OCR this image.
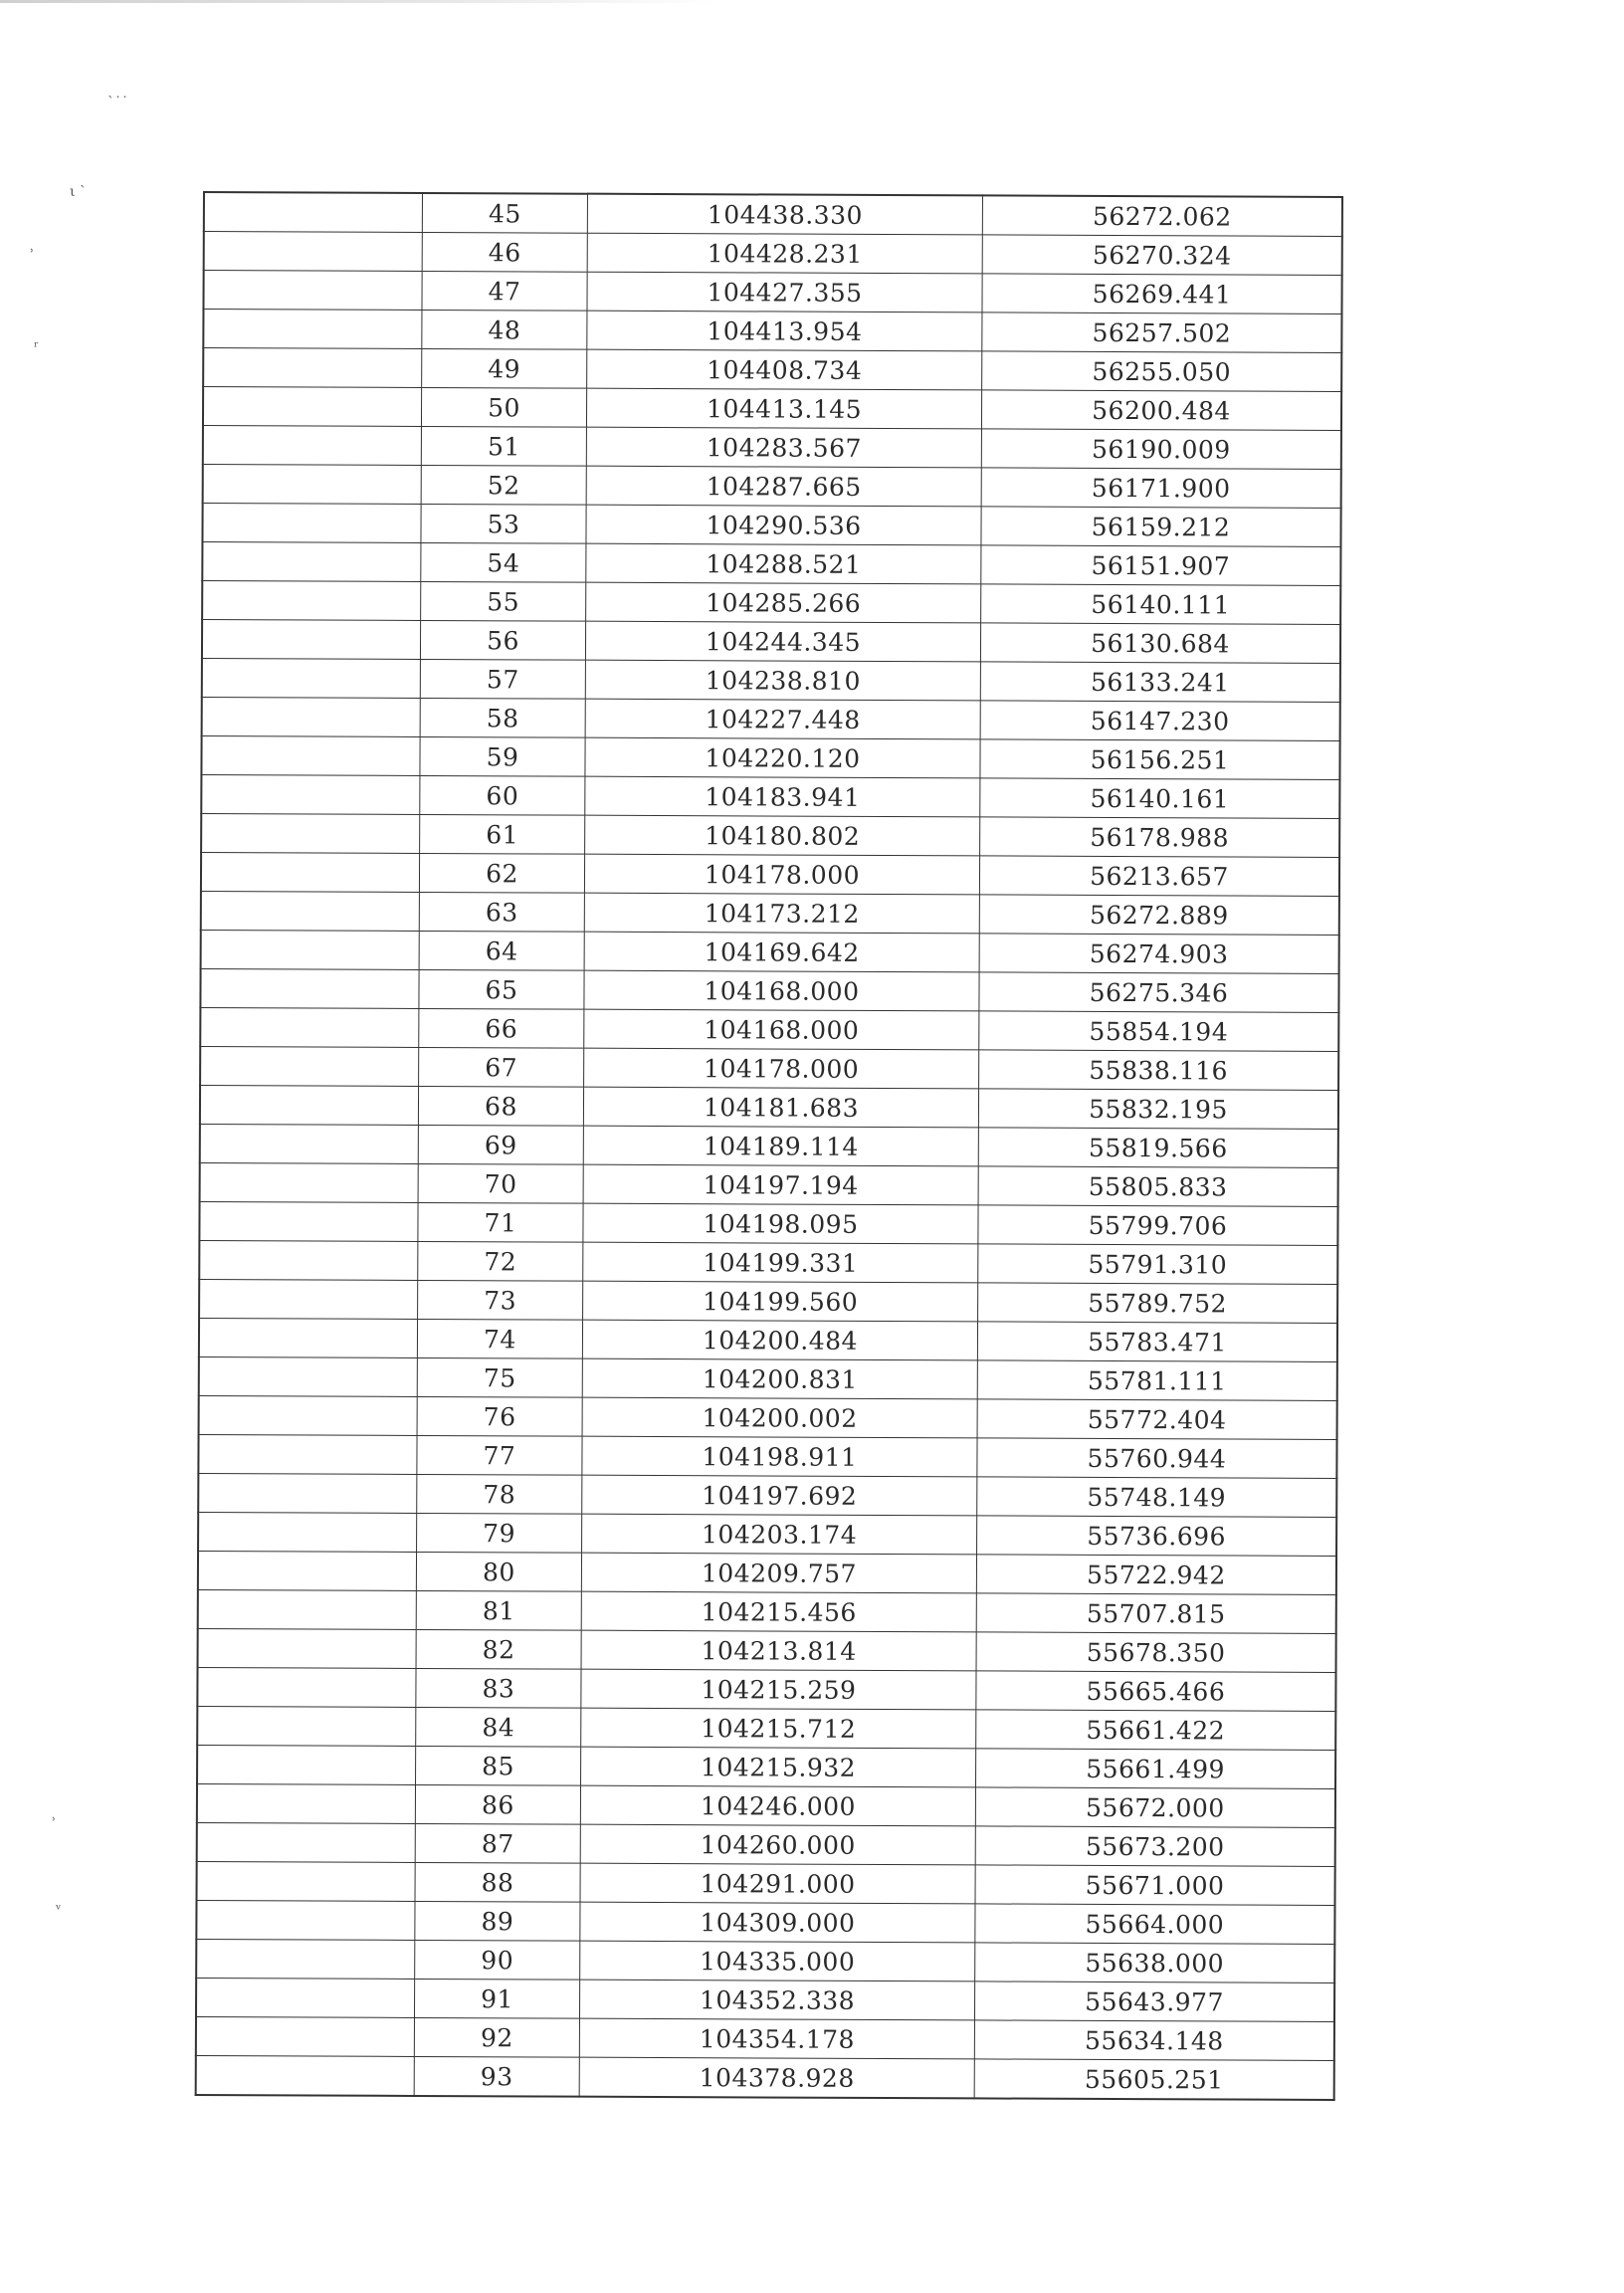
`˙˙
ι ˋ
˒
ʳ
˒
ᵛ
	45	104438.330	56272.062
	46	104428.231	56270.324
	47	104427.355	56269.441
	48	104413.954	56257.502
	49	104408.734	56255.050
	50	104413.145	56200.484
	51	104283.567	56190.009
	52	104287.665	56171.900
	53	104290.536	56159.212
	54	104288.521	56151.907
	55	104285.266	56140.111
	56	104244.345	56130.684
	57	104238.810	56133.241
	58	104227.448	56147.230
	59	104220.120	56156.251
	60	104183.941	56140.161
	61	104180.802	56178.988
	62	104178.000	56213.657
	63	104173.212	56272.889
	64	104169.642	56274.903
	65	104168.000	56275.346
	66	104168.000	55854.194
	67	104178.000	55838.116
	68	104181.683	55832.195
	69	104189.114	55819.566
	70	104197.194	55805.833
	71	104198.095	55799.706
	72	104199.331	55791.310
	73	104199.560	55789.752
	74	104200.484	55783.471
	75	104200.831	55781.111
	76	104200.002	55772.404
	77	104198.911	55760.944
	78	104197.692	55748.149
	79	104203.174	55736.696
	80	104209.757	55722.942
	81	104215.456	55707.815
	82	104213.814	55678.350
	83	104215.259	55665.466
	84	104215.712	55661.422
	85	104215.932	55661.499
	86	104246.000	55672.000
	87	104260.000	55673.200
	88	104291.000	55671.000
	89	104309.000	55664.000
	90	104335.000	55638.000
	91	104352.338	55643.977
	92	104354.178	55634.148
	93	104378.928	55605.251
